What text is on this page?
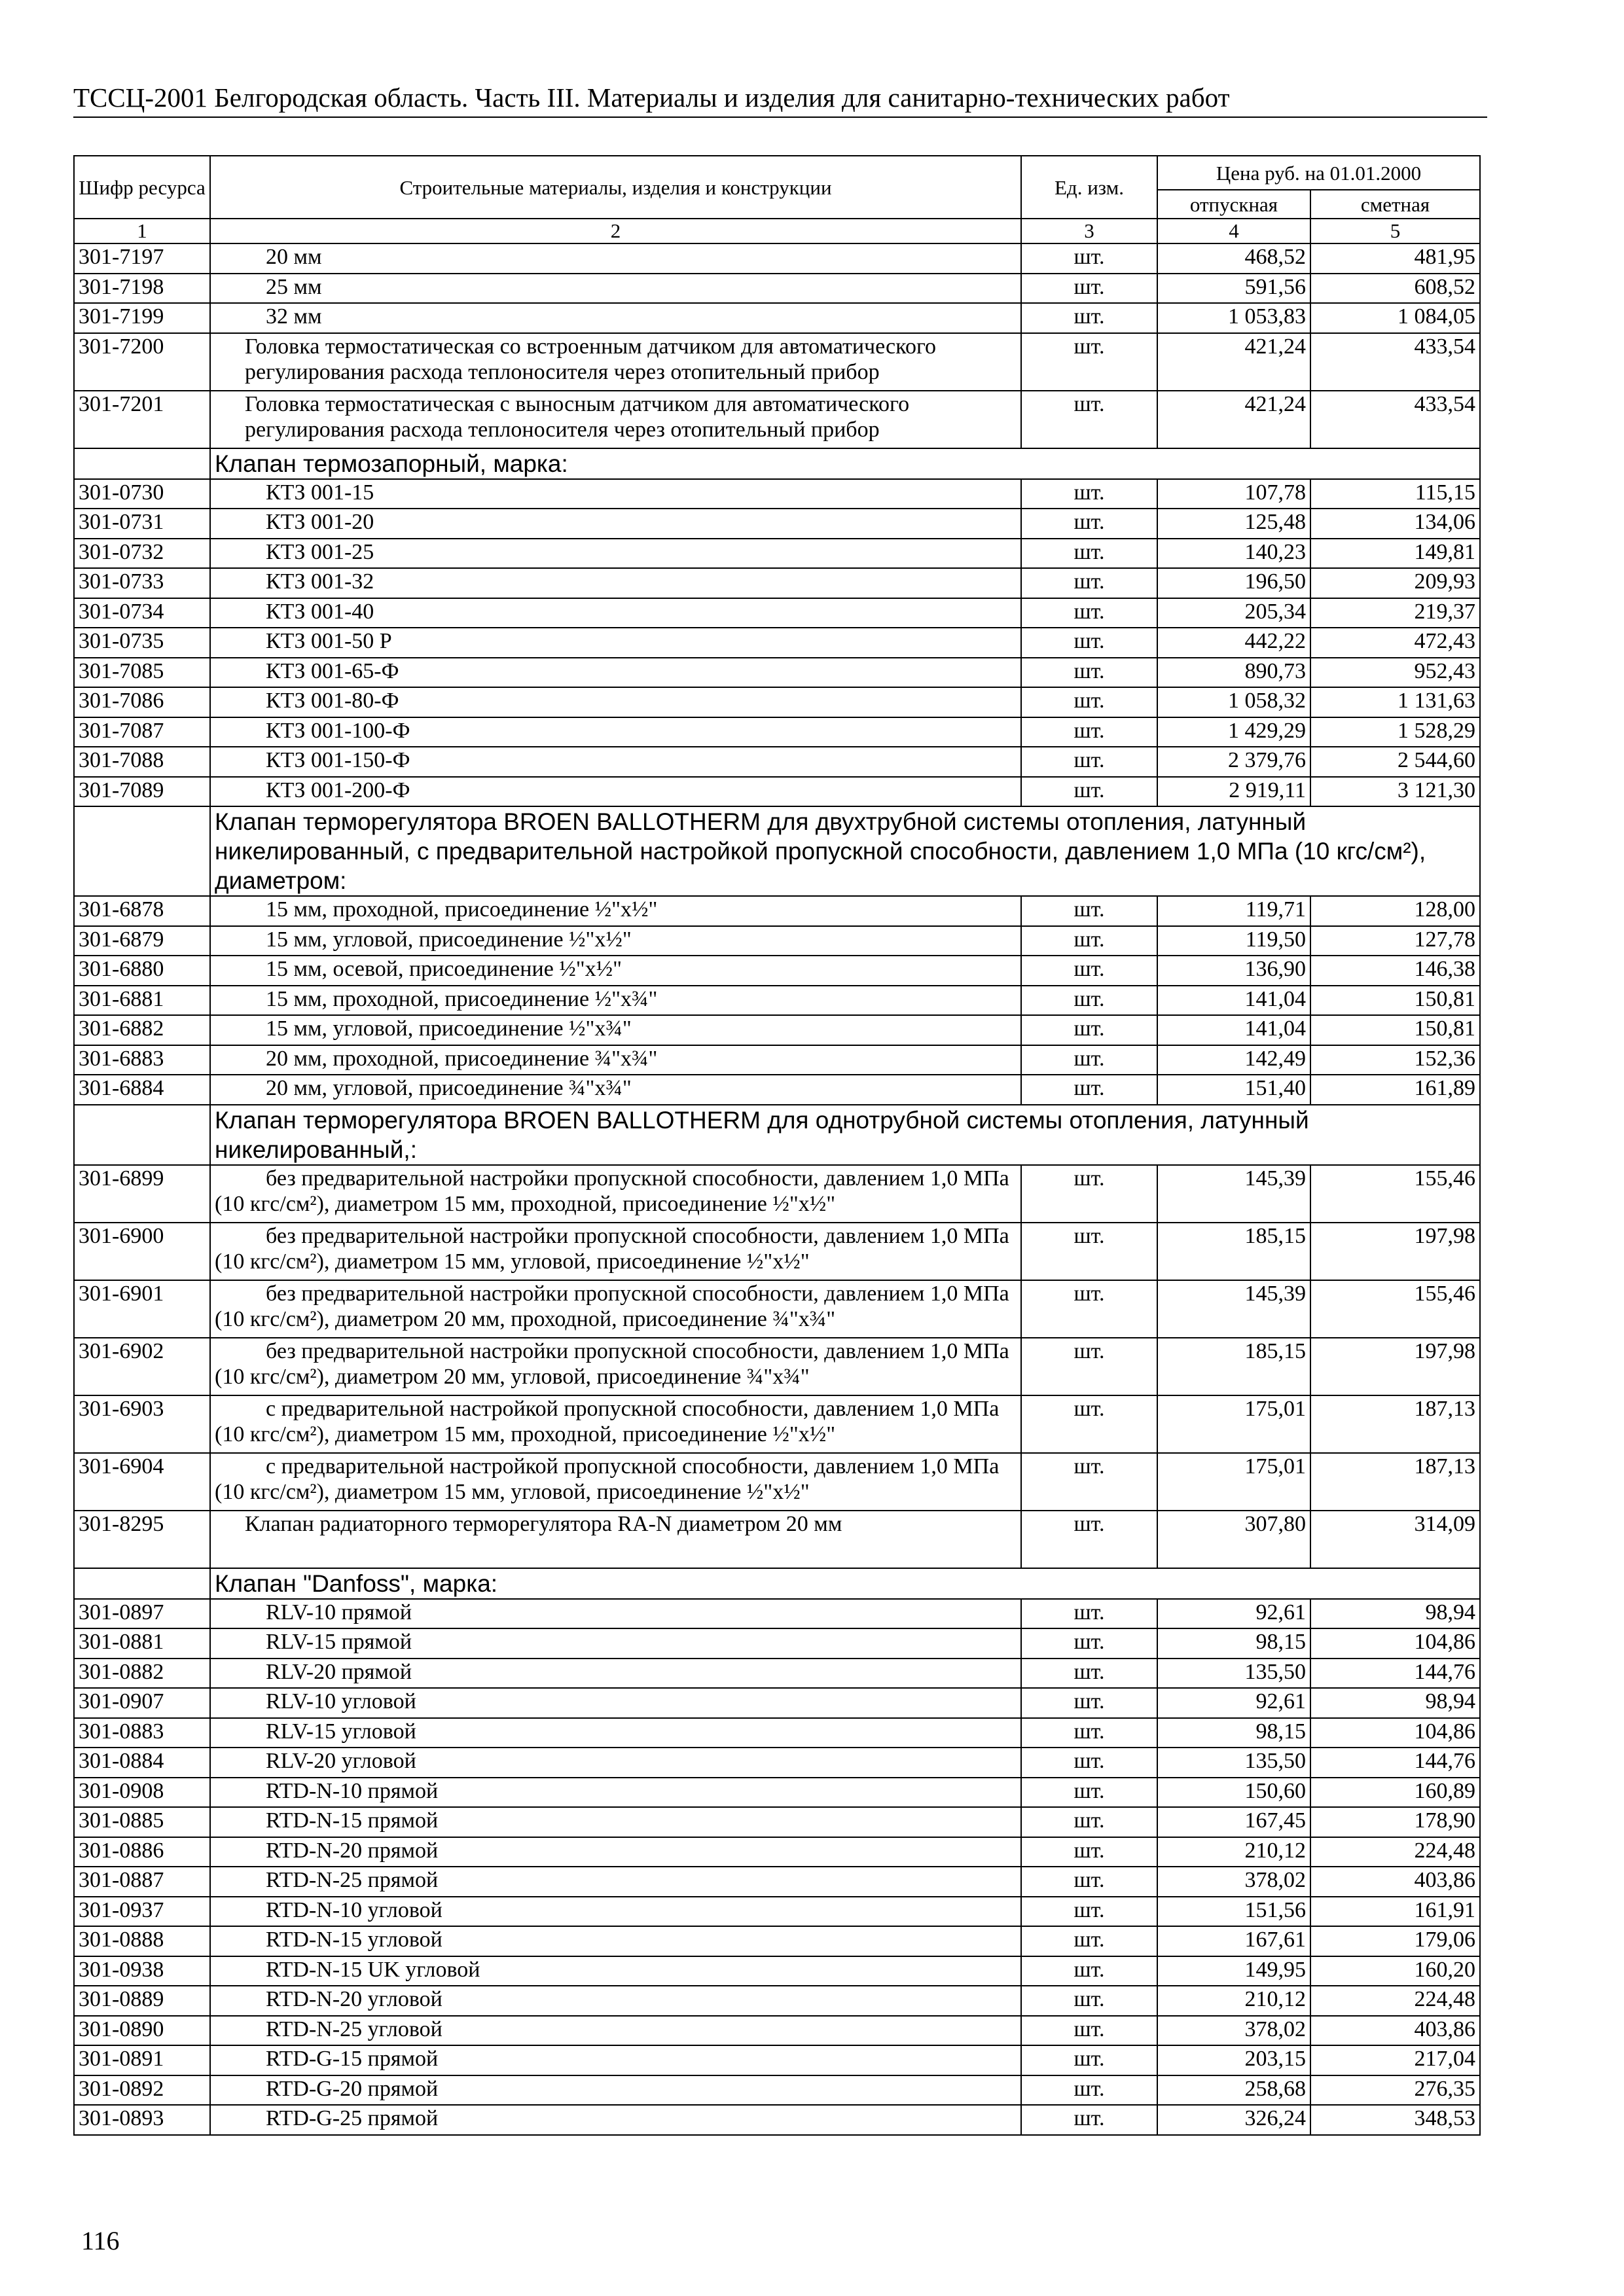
ТССЦ-2001 Белгородская область. Часть III. Материалы и изделия для санитарно-технических работ
Шифр ресурса	Строительные материалы, изделия и конструкции	Ед. изм.	Цена руб. на 01.01.2000	
			отпускная	сметная
1	2	3	4	5
301-7197	20 мм	шт.	468,52	481,95
301-7198	25 мм	шт.	591,56	608,52
301-7199	32 мм	шт.	1 053,83	1 084,05
301-7200	Головка термостатическая со встроенным датчиком для автоматического регулирования расхода теплоносителя через отопительный прибор	шт.	421,24	433,54
301-7201	Головка термостатическая с выносным датчиком для автоматического регулирования расхода теплоносителя через отопительный прибор	шт.	421,24	433,54
	Клапан термозапорный, марка:			
301-0730	КТЗ 001-15	шт.	107,78	115,15
301-0731	КТЗ 001-20	шт.	125,48	134,06
301-0732	КТЗ 001-25	шт.	140,23	149,81
301-0733	КТЗ 001-32	шт.	196,50	209,93
301-0734	КТЗ 001-40	шт.	205,34	219,37
301-0735	КТЗ 001-50 Р	шт.	442,22	472,43
301-7085	КТЗ 001-65-Ф	шт.	890,73	952,43
301-7086	КТЗ 001-80-Ф	шт.	1 058,32	1 131,63
301-7087	КТЗ 001-100-Ф	шт.	1 429,29	1 528,29
301-7088	КТЗ 001-150-Ф	шт.	2 379,76	2 544,60
301-7089	КТЗ 001-200-Ф	шт.	2 919,11	3 121,30
	Клапан терморегулятора BROEN BALLOTHERM для двухтрубной системы отопления, латунный никелированный, с предварительной настройкой пропускной способности, давлением 1,0 МПа (10 кгс/см²), диаметром:			
301-6878	15 мм, проходной, присоединение ½"x½"	шт.	119,71	128,00
301-6879	15 мм, угловой, присоединение ½"x½"	шт.	119,50	127,78
301-6880	15 мм, осевой, присоединение ½"x½"	шт.	136,90	146,38
301-6881	15 мм, проходной, присоединение ½"x¾"	шт.	141,04	150,81
301-6882	15 мм, угловой, присоединение ½"x¾"	шт.	141,04	150,81
301-6883	20 мм, проходной, присоединение ¾"x¾"	шт.	142,49	152,36
301-6884	20 мм, угловой, присоединение ¾"x¾"	шт.	151,40	161,89
	Клапан терморегулятора BROEN BALLOTHERM для однотрубной системы отопления, латунный никелированный,:			
301-6899	без предварительной настройки пропускной способности, давлением 1,0 МПа (10 кгс/см²), диаметром 15 мм, проходной, присоединение ½"x½"	шт.	145,39	155,46
301-6900	без предварительной настройки пропускной способности, давлением 1,0 МПа (10 кгс/см²), диаметром 15 мм, угловой, присоединение ½"x½"	шт.	185,15	197,98
301-6901	без предварительной настройки пропускной способности, давлением 1,0 МПа (10 кгс/см²), диаметром 20 мм, проходной, присоединение ¾"x¾"	шт.	145,39	155,46
301-6902	без предварительной настройки пропускной способности, давлением 1,0 МПа (10 кгс/см²), диаметром 20 мм, угловой, присоединение ¾"x¾"	шт.	185,15	197,98
301-6903	с предварительной настройкой пропускной способности, давлением 1,0 МПа (10 кгс/см²), диаметром 15 мм, проходной, присоединение ½"x½"	шт.	175,01	187,13
301-6904	с предварительной настройкой пропускной способности, давлением 1,0 МПа (10 кгс/см²), диаметром 15 мм, угловой, присоединение ½"x½"	шт.	175,01	187,13
301-8295	Клапан радиаторного терморегулятора RA-N диаметром 20 мм	шт.	307,80	314,09
	Клапан "Danfoss", марка:			
301-0897	RLV-10 прямой	шт.	92,61	98,94
301-0881	RLV-15 прямой	шт.	98,15	104,86
301-0882	RLV-20 прямой	шт.	135,50	144,76
301-0907	RLV-10 угловой	шт.	92,61	98,94
301-0883	RLV-15 угловой	шт.	98,15	104,86
301-0884	RLV-20 угловой	шт.	135,50	144,76
301-0908	RTD-N-10 прямой	шт.	150,60	160,89
301-0885	RTD-N-15 прямой	шт.	167,45	178,90
301-0886	RTD-N-20 прямой	шт.	210,12	224,48
301-0887	RTD-N-25 прямой	шт.	378,02	403,86
301-0937	RTD-N-10 угловой	шт.	151,56	161,91
301-0888	RTD-N-15 угловой	шт.	167,61	179,06
301-0938	RTD-N-15 UK угловой	шт.	149,95	160,20
301-0889	RTD-N-20 угловой	шт.	210,12	224,48
301-0890	RTD-N-25 угловой	шт.	378,02	403,86
301-0891	RTD-G-15 прямой	шт.	203,15	217,04
301-0892	RTD-G-20 прямой	шт.	258,68	276,35
301-0893	RTD-G-25 прямой	шт.	326,24	348,53
116
